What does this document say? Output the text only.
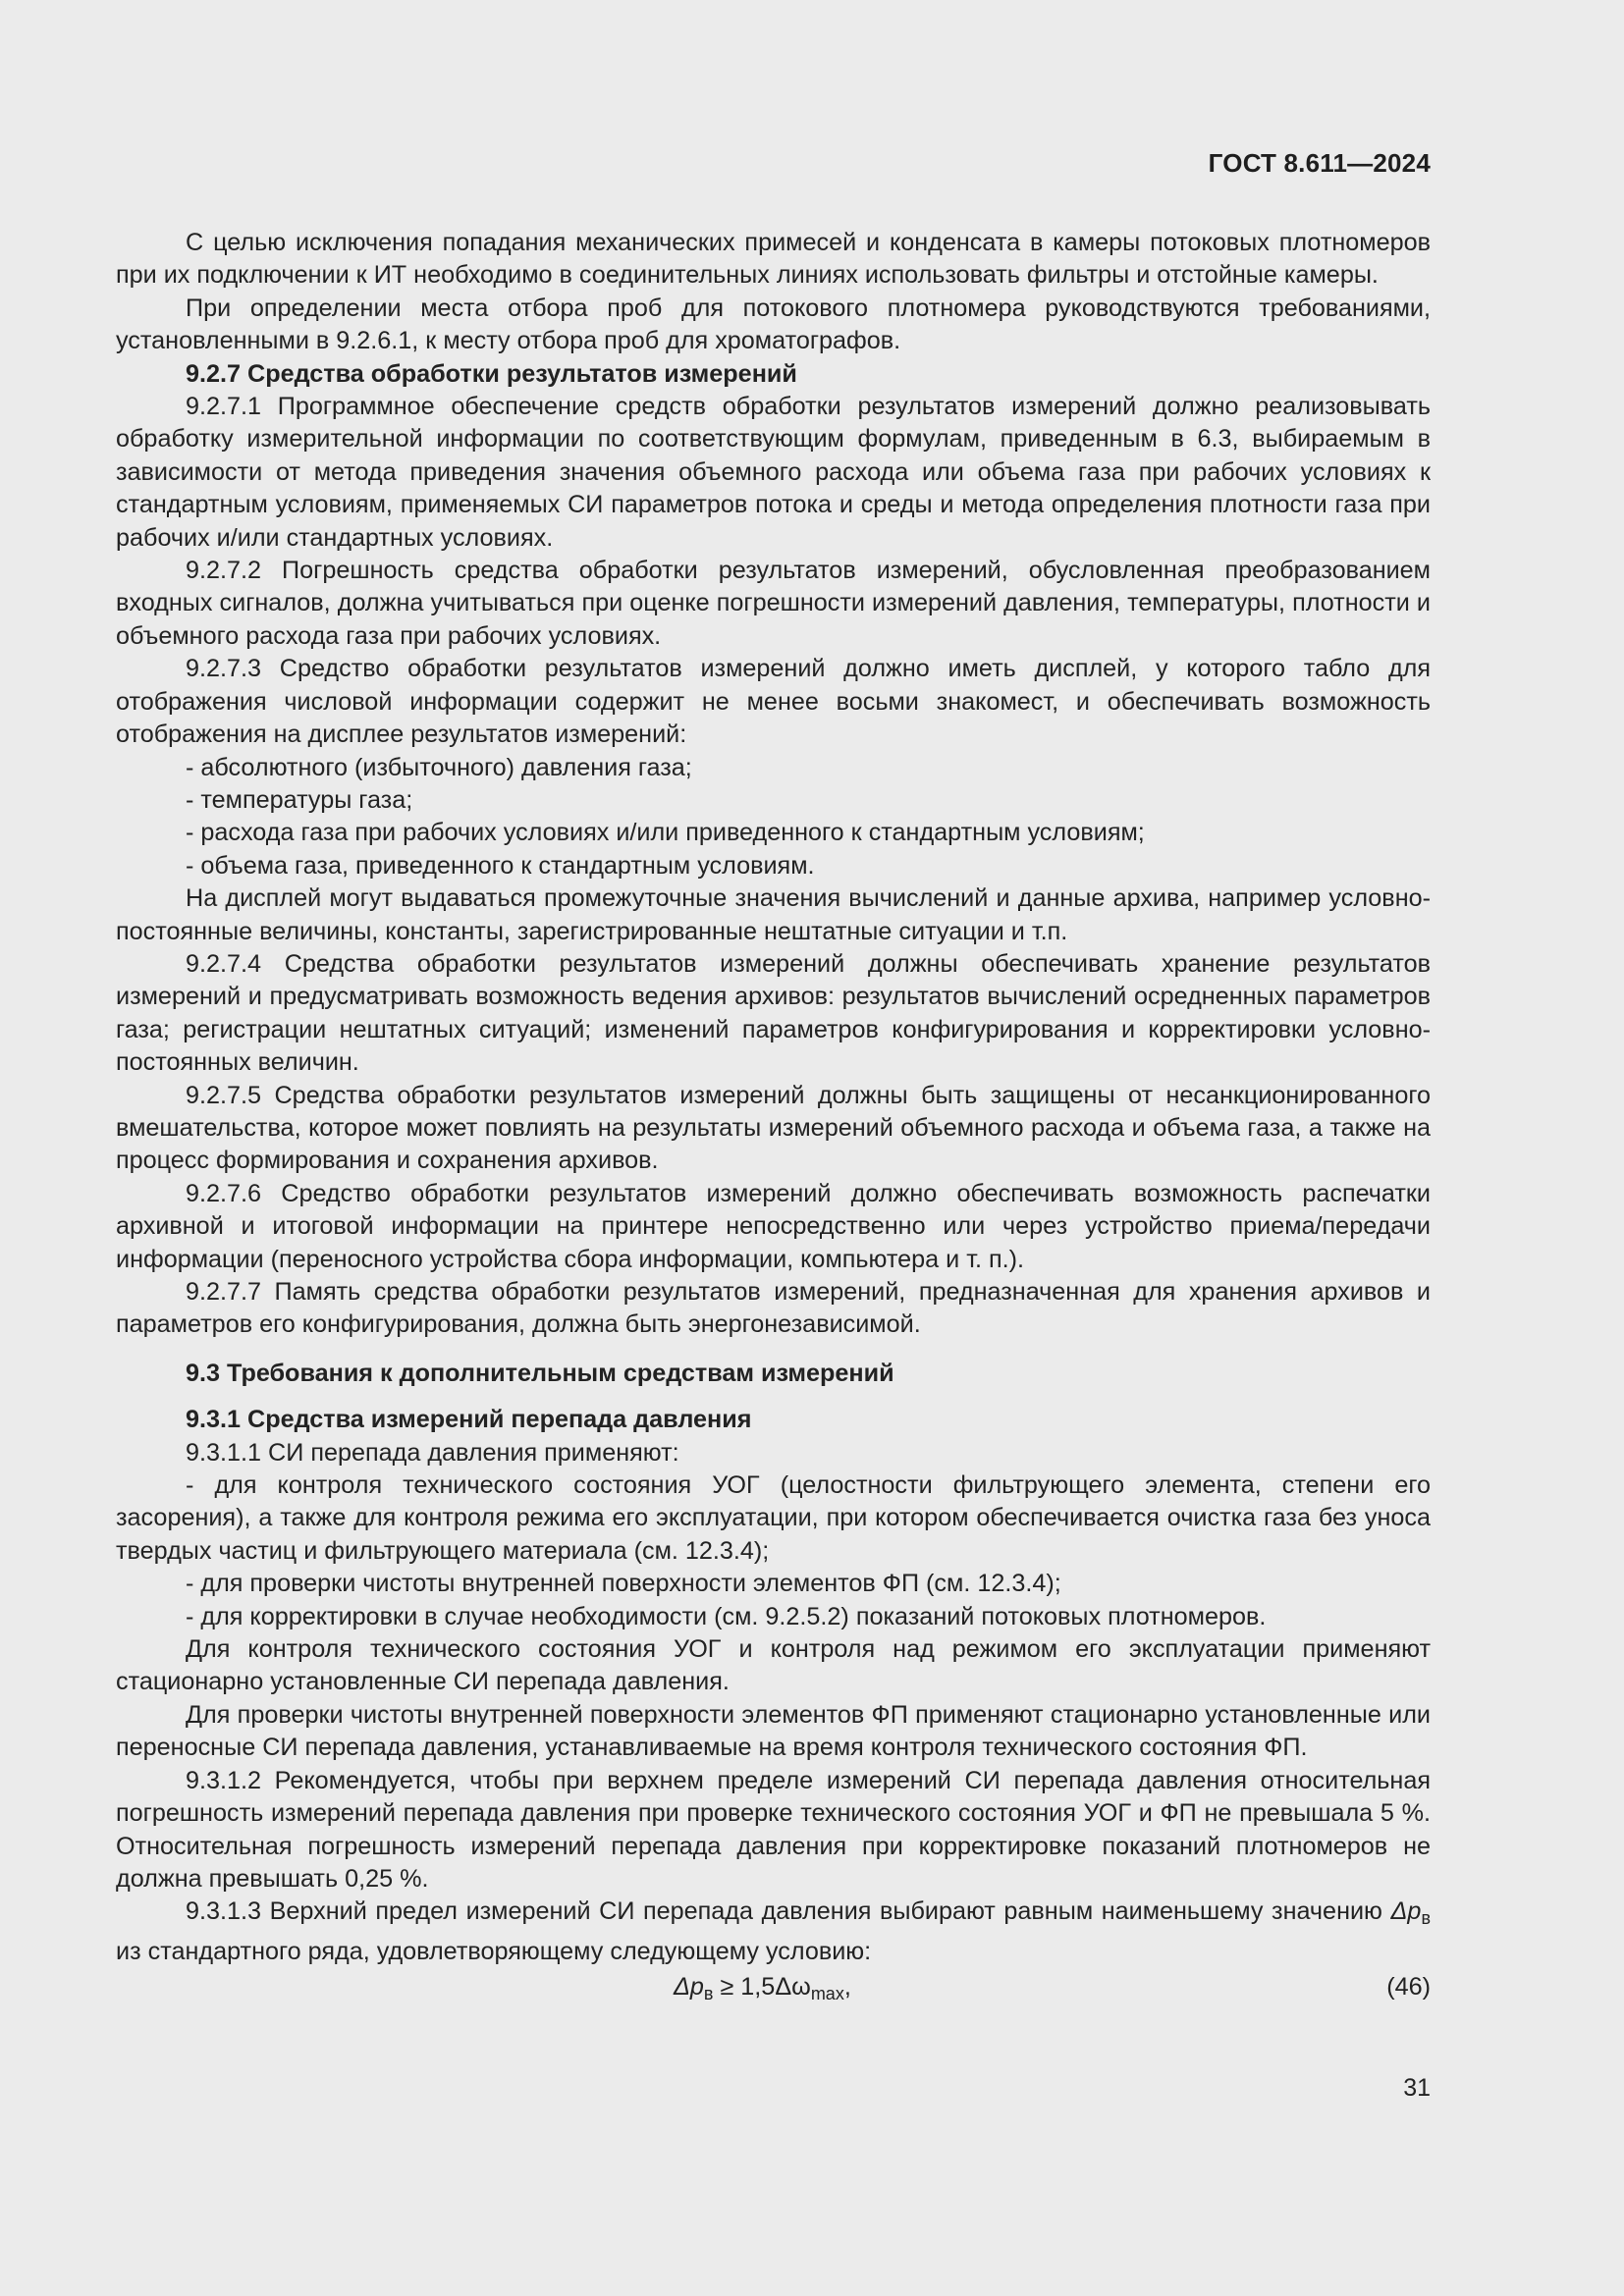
ГОСТ 8.611—2024

С целью исключения попадания механических примесей и конденсата в камеры потоковых плотномеров при их подключении к ИТ необходимо в соединительных линиях использовать фильтры и отстойные камеры.

При определении места отбора проб для потокового плотномера руководствуются требованиями, установленными в 9.2.6.1, к месту отбора проб для хроматографов.

9.2.7 Средства обработки результатов измерений

9.2.7.1 Программное обеспечение средств обработки результатов измерений должно реализовывать обработку измерительной информации по соответствующим формулам, приведенным в 6.3, выбираемым в зависимости от метода приведения значения объемного расхода или объема газа при рабочих условиях к стандартным условиям, применяемых СИ параметров потока и среды и метода определения плотности газа при рабочих и/или стандартных условиях.

9.2.7.2 Погрешность средства обработки результатов измерений, обусловленная преобразованием входных сигналов, должна учитываться при оценке погрешности измерений давления, температуры, плотности и объемного расхода газа при рабочих условиях.

9.2.7.3 Средство обработки результатов измерений должно иметь дисплей, у которого табло для отображения числовой информации содержит не менее восьми знакомест, и обеспечивать возможность отображения на дисплее результатов измерений:

- абсолютного (избыточного) давления газа;

- температуры газа;

- расхода газа при рабочих условиях и/или приведенного к стандартным условиям;

- объема газа, приведенного к стандартным условиям.

На дисплей могут выдаваться промежуточные значения вычислений и данные архива, например условно-постоянные величины, константы, зарегистрированные нештатные ситуации и т.п.

9.2.7.4 Средства обработки результатов измерений должны обеспечивать хранение результатов измерений и предусматривать возможность ведения архивов: результатов вычислений осредненных параметров газа; регистрации нештатных ситуаций; изменений параметров конфигурирования и корректировки условно-постоянных величин.

9.2.7.5 Средства обработки результатов измерений должны быть защищены от несанкционированного вмешательства, которое может повлиять на результаты измерений объемного расхода и объема газа, а также на процесс формирования и сохранения архивов.

9.2.7.6 Средство обработки результатов измерений должно обеспечивать возможность распечатки архивной и итоговой информации на принтере непосредственно или через устройство приема/передачи информации (переносного устройства сбора информации, компьютера и т. п.).

9.2.7.7 Память средства обработки результатов измерений, предназначенная для хранения архивов и параметров его конфигурирования, должна быть энергонезависимой.

9.3 Требования к дополнительным средствам измерений

9.3.1 Средства измерений перепада давления

9.3.1.1 СИ перепада давления применяют:

- для контроля технического состояния УОГ (целостности фильтрующего элемента, степени его засорения), а также для контроля режима его эксплуатации, при котором обеспечивается очистка газа без уноса твердых частиц и фильтрующего материала (см. 12.3.4);

- для проверки чистоты внутренней поверхности элементов ФП (см. 12.3.4);

- для корректировки в случае необходимости (см. 9.2.5.2) показаний потоковых плотномеров.

Для контроля технического состояния УОГ и контроля над режимом его эксплуатации применяют стационарно установленные СИ перепада давления.

Для проверки чистоты внутренней поверхности элементов ФП применяют стационарно установленные или переносные СИ перепада давления, устанавливаемые на время контроля технического состояния ФП.

9.3.1.2 Рекомендуется, чтобы при верхнем пределе измерений СИ перепада давления относительная погрешность измерений перепада давления при проверке технического состояния УОГ и ФП не превышала 5 %. Относительная погрешность измерений перепада давления при корректировке показаний плотномеров не должна превышать 0,25 %.

9.3.1.3 Верхний предел измерений СИ перепада давления выбирают равным наименьшему значению Δpв из стандартного ряда, удовлетворяющему следующему условию:

Δpв ≥ 1,5Δωmax,	(46)
31
